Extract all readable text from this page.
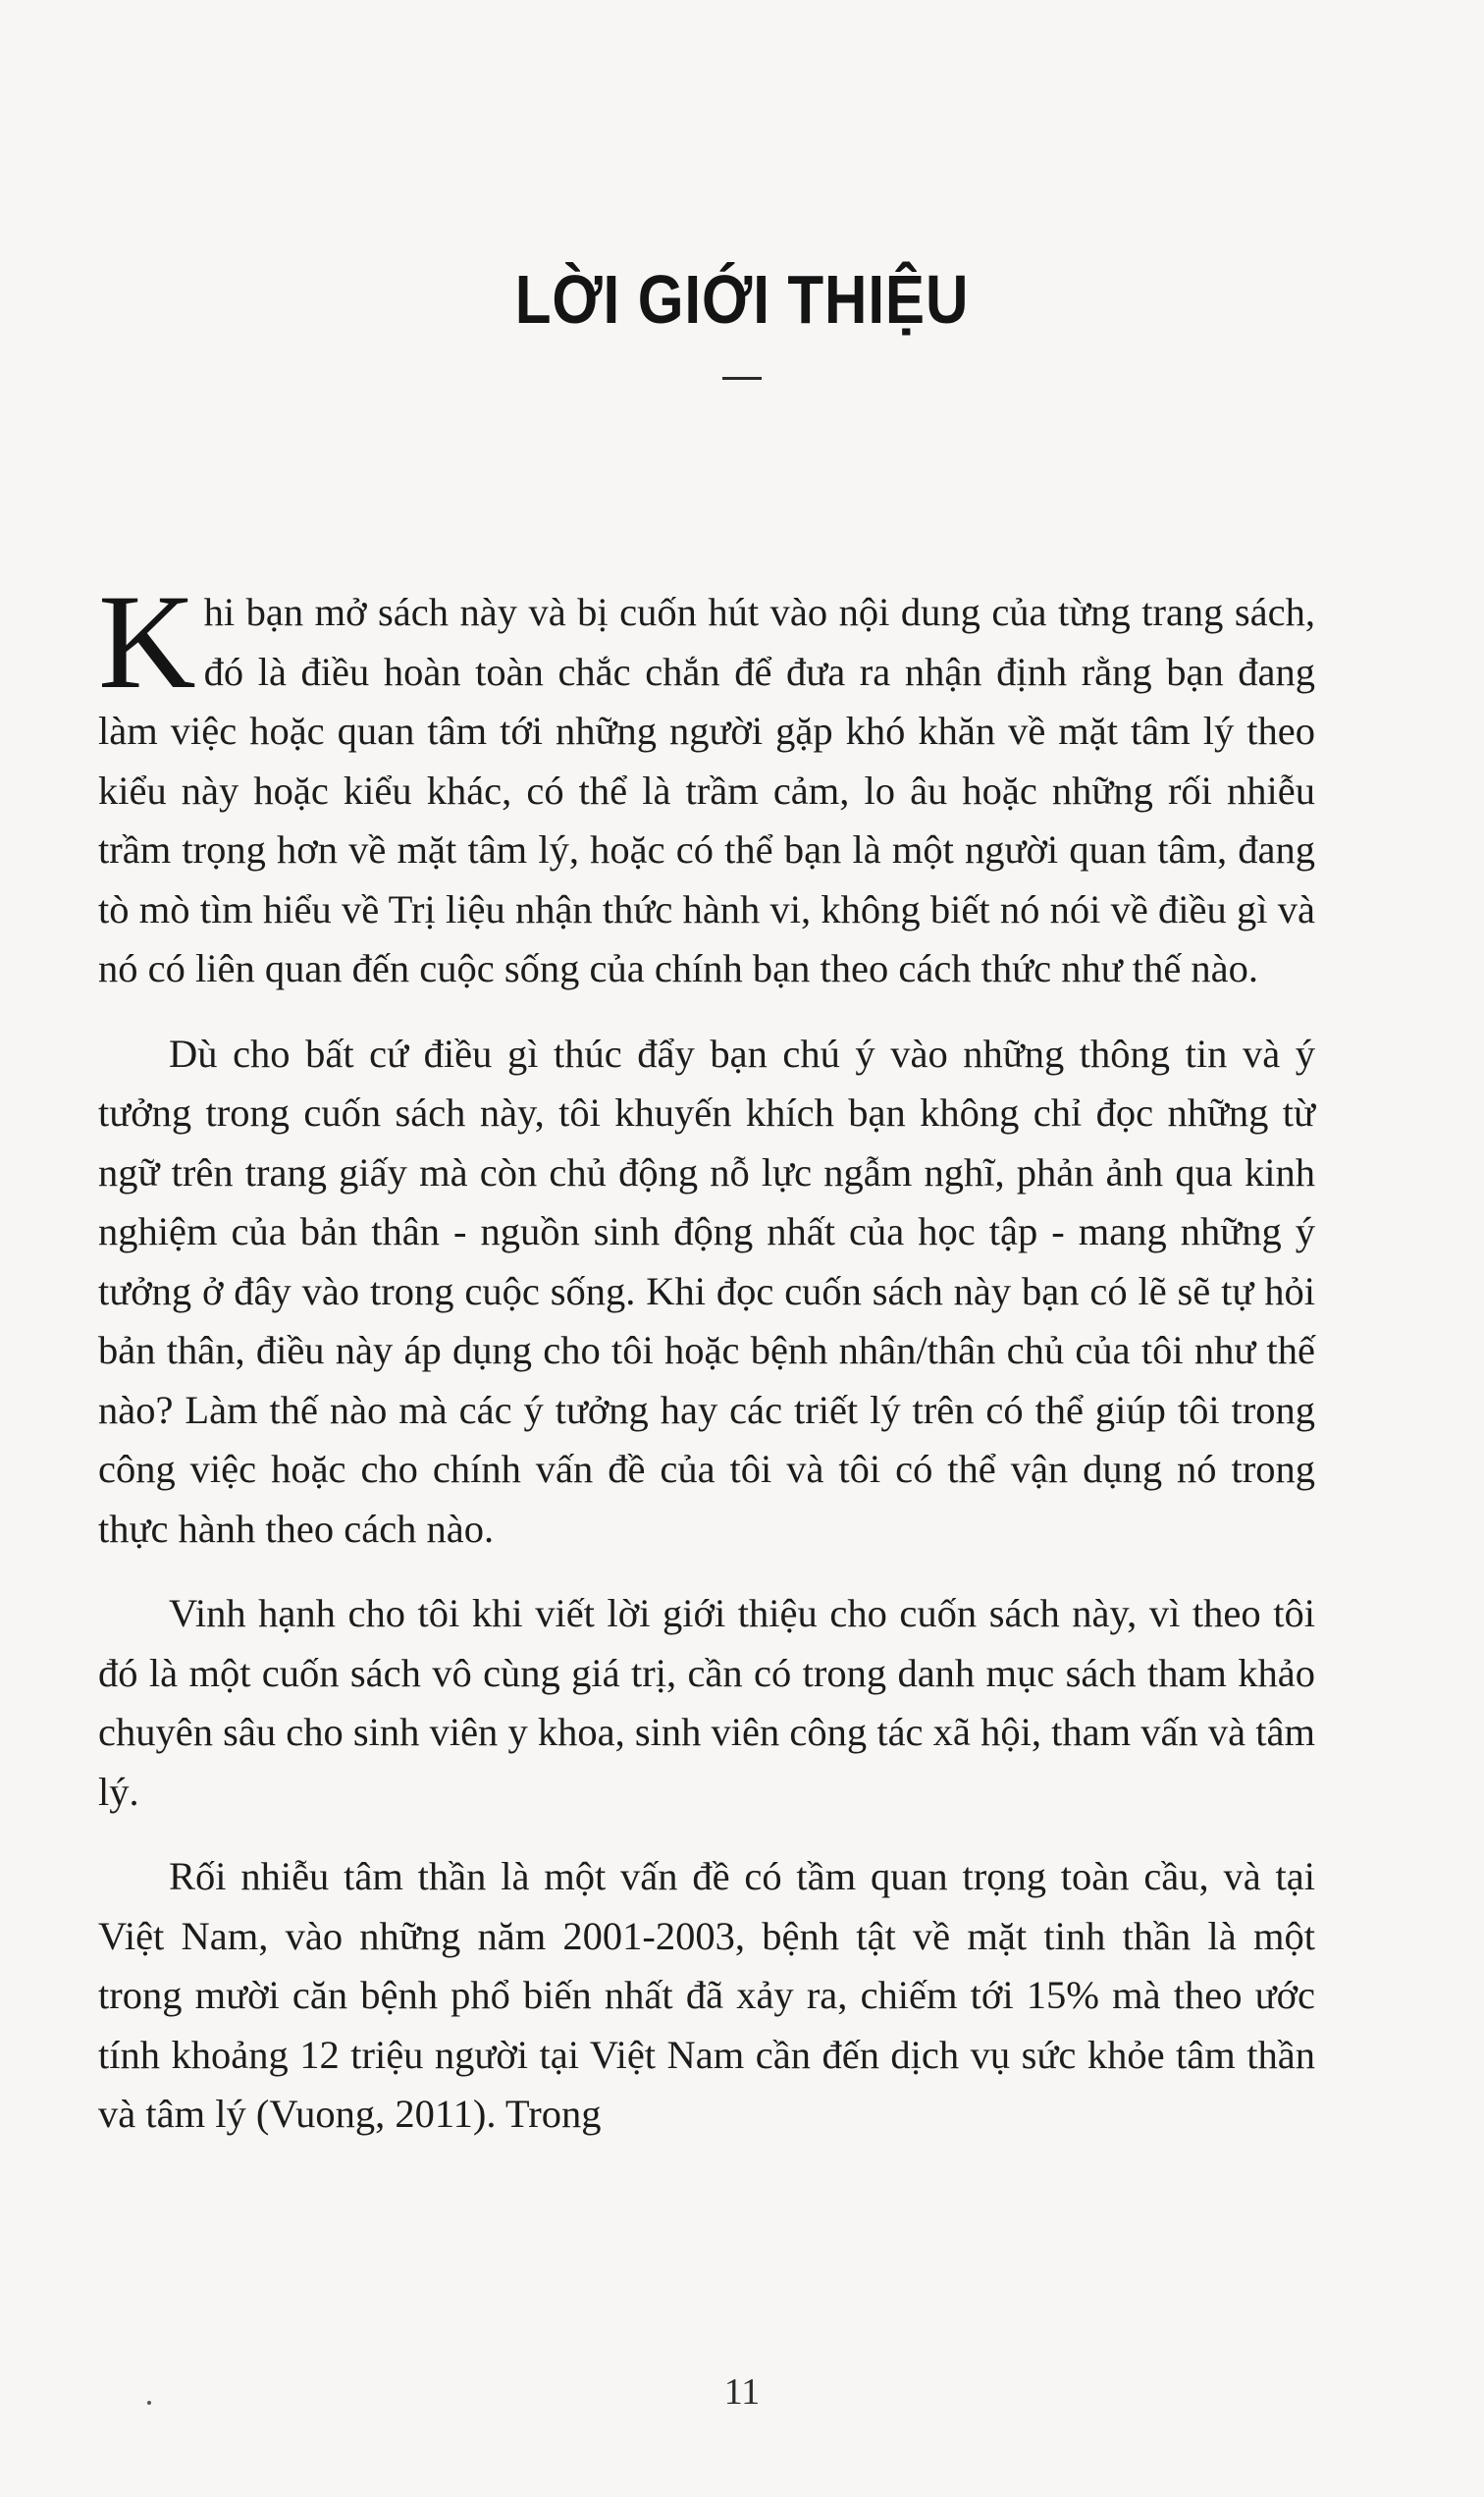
LỜI GIỚI THIỆU

Khi bạn mở sách này và bị cuốn hút vào nội dung của từng trang sách, đó là điều hoàn toàn chắc chắn để đưa ra nhận định rằng bạn đang làm việc hoặc quan tâm tới những người gặp khó khăn về mặt tâm lý theo kiểu này hoặc kiểu khác, có thể là trầm cảm, lo âu hoặc những rối nhiễu trầm trọng hơn về mặt tâm lý, hoặc có thể bạn là một người quan tâm, đang tò mò tìm hiểu về Trị liệu nhận thức hành vi, không biết nó nói về điều gì và nó có liên quan đến cuộc sống của chính bạn theo cách thức như thế nào.

Dù cho bất cứ điều gì thúc đẩy bạn chú ý vào những thông tin và ý tưởng trong cuốn sách này, tôi khuyến khích bạn không chỉ đọc những từ ngữ trên trang giấy mà còn chủ động nỗ lực ngẫm nghĩ, phản ảnh qua kinh nghiệm của bản thân - nguồn sinh động nhất của học tập - mang những ý tưởng ở đây vào trong cuộc sống. Khi đọc cuốn sách này bạn có lẽ sẽ tự hỏi bản thân, điều này áp dụng cho tôi hoặc bệnh nhân/thân chủ của tôi như thế nào? Làm thế nào mà các ý tưởng hay các triết lý trên có thể giúp tôi trong công việc hoặc cho chính vấn đề của tôi và tôi có thể vận dụng nó trong thực hành theo cách nào.

Vinh hạnh cho tôi khi viết lời giới thiệu cho cuốn sách này, vì theo tôi đó là một cuốn sách vô cùng giá trị, cần có trong danh mục sách tham khảo chuyên sâu cho sinh viên y khoa, sinh viên công tác xã hội, tham vấn và tâm lý.

Rối nhiễu tâm thần là một vấn đề có tầm quan trọng toàn cầu, và tại Việt Nam, vào những năm 2001-2003, bệnh tật về mặt tinh thần là một trong mười căn bệnh phổ biến nhất đã xảy ra, chiếm tới 15% mà theo ước tính khoảng 12 triệu người tại Việt Nam cần đến dịch vụ sức khỏe tâm thần và tâm lý (Vuong, 2011). Trong

11
